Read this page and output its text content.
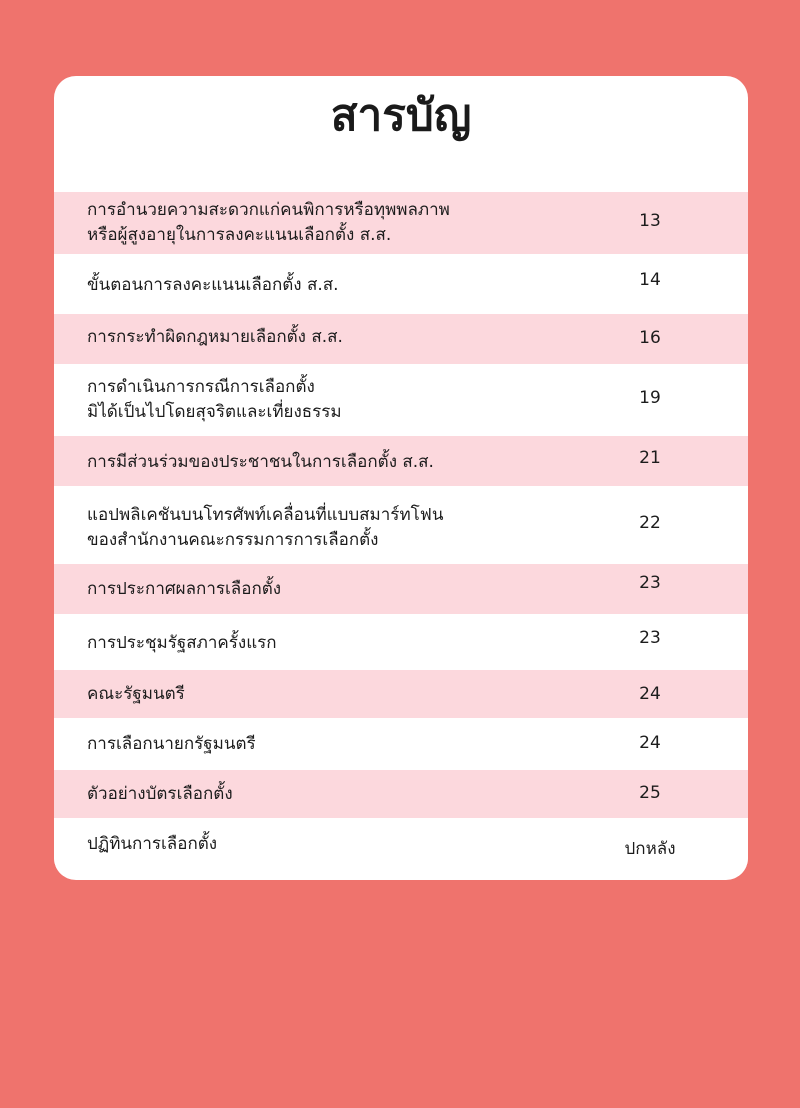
สารบัญ
การอำนวยความสะดวกแก่คนพิการหรือทุพพลภาพ
หรือผู้สูงอายุในการลงคะแนนเลือกตั้ง ส.ส.
13
ขั้นตอนการลงคะแนนเลือกตั้ง ส.ส.	14
การกระทำผิดกฎหมายเลือกตั้ง ส.ส.	16
การดำเนินการกรณีการเลือกตั้ง
มิได้เป็นไปโดยสุจริตและเที่ยงธรรม
19
การมีส่วนร่วมของประชาชนในการเลือกตั้ง ส.ส.	21
แอปพลิเคชันบนโทรศัพท์เคลื่อนที่แบบสมาร์ทโฟน
ของสำนักงานคณะกรรมการการเลือกตั้ง
22
การประกาศผลการเลือกตั้ง	23
การประชุมรัฐสภาครั้งแรก	23
คณะรัฐมนตรี	24
การเลือกนายกรัฐมนตรี	24
ตัวอย่างบัตรเลือกตั้ง	25
ปฏิทินการเลือกตั้ง	ปกหลัง
